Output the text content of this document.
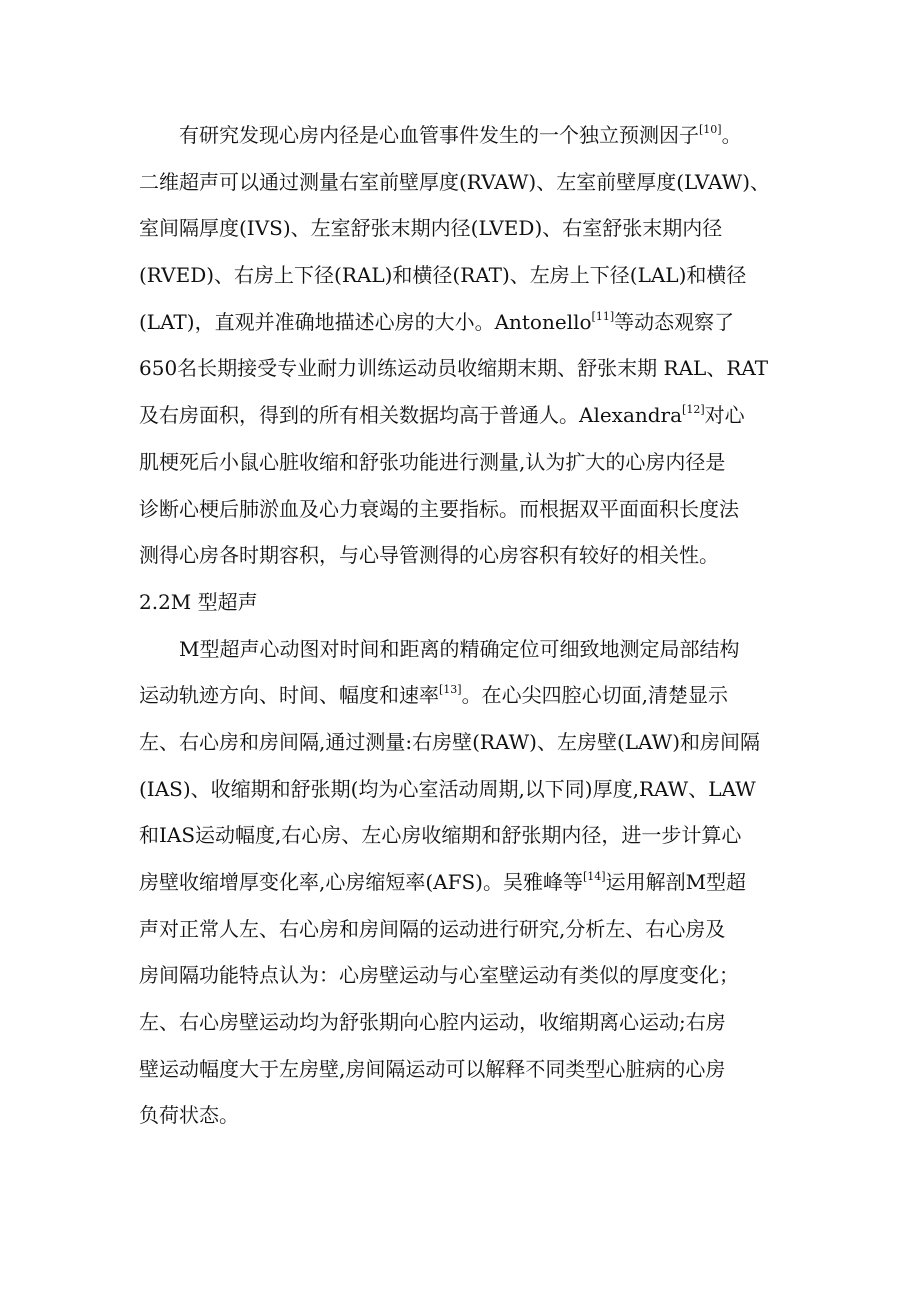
有研究发现心房内径是心血管事件发生的一个独立预测因子[10]。
二维超声可以通过测量右室前壁厚度(RVAW)、左室前壁厚度(LVAW)、
室间隔厚度(IVS)、左室舒张末期内径(LVED)、右室舒张末期内径
(RVED)、右房上下径(RAL)和横径(RAT)、左房上下径(LAL)和横径
(LAT)，直观并准确地描述心房的大小。Antonello[11]等动态观察了
650名长期接受专业耐力训练运动员收缩期末期、舒张末期 RAL、RAT
及右房面积，得到的所有相关数据均高于普通人。Alexandra[12]对心
肌梗死后小鼠心脏收缩和舒张功能进行测量,认为扩大的心房内径是
诊断心梗后肺淤血及心力衰竭的主要指标。而根据双平面面积长度法
测得心房各时期容积，与心导管测得的心房容积有较好的相关性。
2.2M 型超声
M型超声心动图对时间和距离的精确定位可细致地测定局部结构
运动轨迹方向、时间、幅度和速率[13]。在心尖四腔心切面,清楚显示
左、右心房和房间隔,通过测量:右房壁(RAW)、左房壁(LAW)和房间隔
(IAS)、收缩期和舒张期(均为心室活动周期,以下同)厚度,RAW、LAW
和IAS运动幅度,右心房、左心房收缩期和舒张期内径，进一步计算心
房壁收缩增厚变化率,心房缩短率(AFS)。吴雅峰等[14]运用解剖M型超
声对正常人左、右心房和房间隔的运动进行研究,分析左、右心房及
房间隔功能特点认为：心房壁运动与心室壁运动有类似的厚度变化；
左、右心房壁运动均为舒张期向心腔内运动，收缩期离心运动;右房
壁运动幅度大于左房壁,房间隔运动可以解释不同类型心脏病的心房
负荷状态。
